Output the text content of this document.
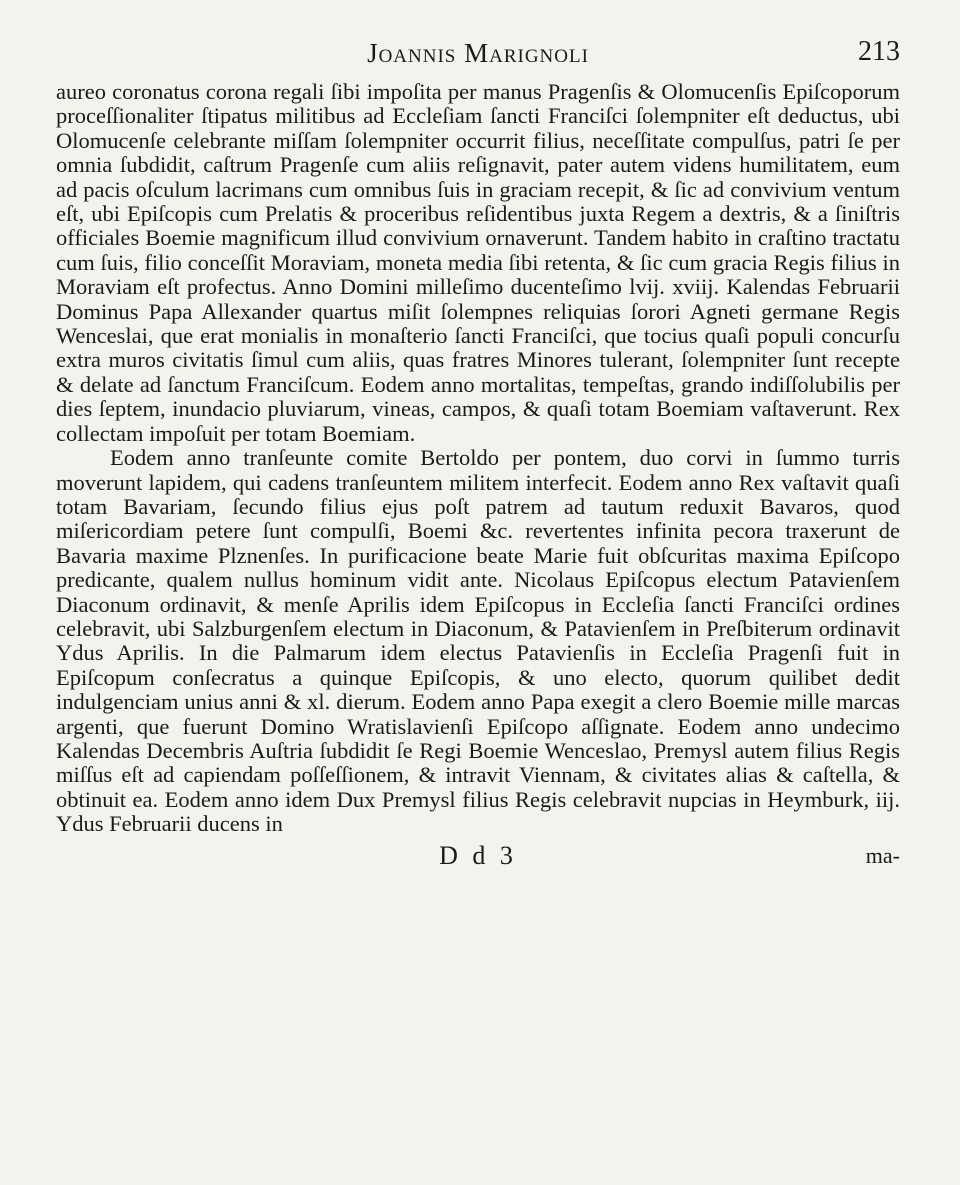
Joannis Marignoli	213

aureo coronatus corona regali ſibi impoſita per manus Pragenſis & Olomucenſis Epiſcoporum proceſſionaliter ſtipatus militibus ad Eccleſiam ſancti Franciſci ſolempniter eſt deductus, ubi Olomucenſe celebrante miſſam ſolempniter occurrit filius, neceſſitate compulſus, patri ſe per omnia ſubdidit, caſtrum Pragenſe cum aliis reſignavit, pater autem videns humilitatem, eum ad pacis oſculum lacrimans cum omnibus ſuis in graciam recepit, & ſic ad convivium ventum eſt, ubi Epiſcopis cum Prelatis & proceribus reſidentibus juxta Regem a dextris, & a ſiniſtris officiales Boemie magnificum illud convivium ornaverunt. Tandem habito in craſtino tractatu cum ſuis, filio conceſſit Moraviam, moneta media ſibi retenta, & ſic cum gracia Regis filius in Moraviam eſt profectus. Anno Domini milleſimo ducenteſimo lvij. xviij. Kalendas Februarii Dominus Papa Allexander quartus miſit ſolempnes reliquias ſorori Agneti germane Regis Wenceslai, que erat monialis in monaſterio ſancti Franciſci, que tocius quaſi populi concurſu extra muros civitatis ſimul cum aliis, quas fratres Minores tulerant, ſolempniter ſunt recepte & delate ad ſanctum Franciſcum. Eodem anno mortalitas, tempeſtas, grando indiſſolubilis per dies ſeptem, inundacio pluviarum, vineas, campos, & quaſi totam Boemiam vaſtaverunt. Rex collectam impoſuit per totam Boemiam.

Eodem anno tranſeunte comite Bertoldo per pontem, duo corvi in ſummo turris moverunt lapidem, qui cadens tranſeuntem militem interfecit. Eodem anno Rex vaſtavit quaſi totam Bavariam, ſecundo filius ejus poſt patrem ad tautum reduxit Bavaros, quod miſericordiam petere ſunt compulſi, Boemi &c. revertentes infinita pecora traxerunt de Bavaria maxime Plznenſes. In purificacione beate Marie fuit obſcuritas maxima Epiſcopo predicante, qualem nullus hominum vidit ante. Nicolaus Epiſcopus electum Patavienſem Diaconum ordinavit, & menſe Aprilis idem Epiſcopus in Eccleſia ſancti Franciſci ordines celebravit, ubi Salzburgenſem electum in Diaconum, & Patavienſem in Preſbiterum ordinavit Ydus Aprilis. In die Palmarum idem electus Patavienſis in Eccleſia Pragenſi fuit in Epiſcopum conſecratus a quinque Epiſcopis, & uno electo, quorum quilibet dedit indulgenciam unius anni & xl. dierum. Eodem anno Papa exegit a clero Boemie mille marcas argenti, que fuerunt Domino Wratislavienſi Epiſcopo aſſignate. Eodem anno undecimo Kalendas Decembris Auſtria ſubdidit ſe Regi Boemie Wenceslao, Premysl autem filius Regis miſſus eſt ad capiendam poſſeſſionem, & intravit Viennam, & civitates alias & caſtella, & obtinuit ea. Eodem anno idem Dux Premysl filius Regis celebravit nupcias in Heymburk, iij. Ydus Februarii ducens in

D d 3	ma-
